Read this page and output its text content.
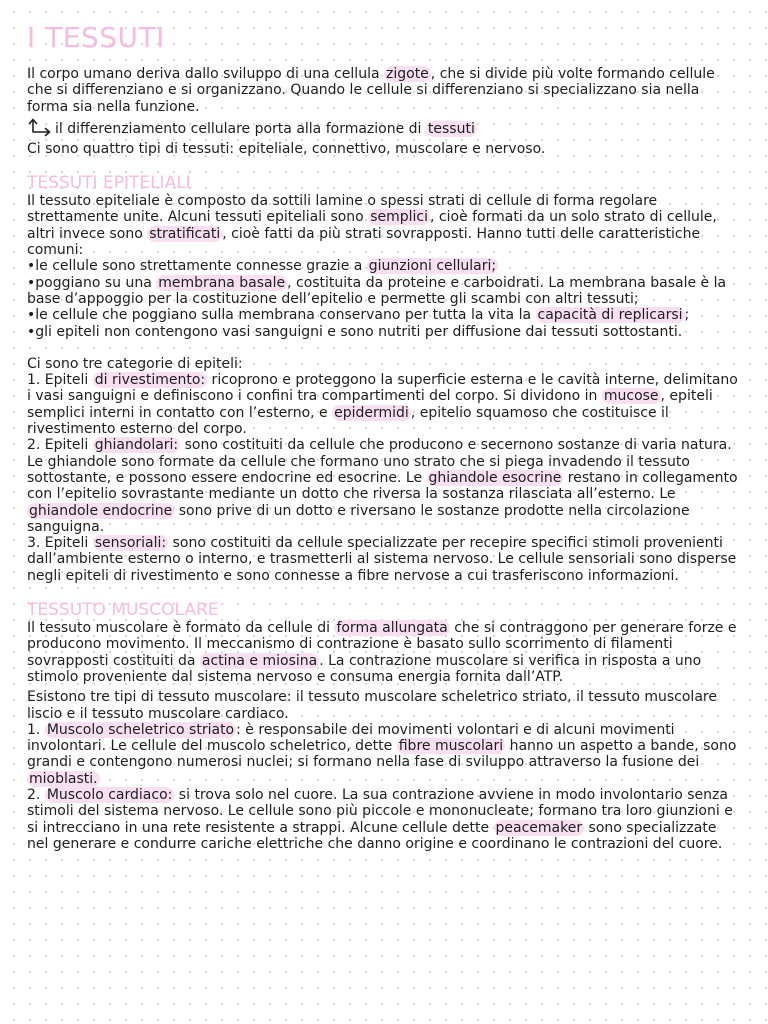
I TESSUTI

Il corpo umano deriva dallo sviluppo di una cellula zigote , che si divide più volte formando cellule che si differenziano e si organizzano. Quando le cellule si differenziano si specializzano sia nella forma sia nella funzione.

il differenziamento cellulare porta alla formazione di tessuti

Ci sono quattro tipi di tessuti: epiteliale, connettivo, muscolare e nervoso.

TESSUTI EPITELIALI

Il tessuto epiteliale è composto da sottili lamine o spessi strati di cellule di forma regolare strettamente unite. Alcuni tessuti epiteliali sono semplici , cioè formati da un solo strato di cellule, altri invece sono stratificati , cioè fatti da più strati sovrapposti. Hanno tutti delle caratteristiche comuni:

•le cellule sono strettamente connesse grazie a giunzioni cellulari;

•poggiano su una membrana basale , costituita da proteine e carboidrati. La membrana basale è la base d’appoggio per la costituzione dell’epitelio e permette gli scambi con altri tessuti;

•le cellule che poggiano sulla membrana conservano per tutta la vita la capacità di replicarsi ;

•gli epiteli non contengono vasi sanguigni e sono nutriti per diffusione dai tessuti sottostanti.

Ci sono tre categorie di epiteli:

1. Epiteli di rivestimento: ricoprono e proteggono la superficie esterna e le cavità interne, delimitano i vasi sanguigni e definiscono i confini tra compartimenti del corpo. Si dividono in mucose , epiteli semplici interni in contatto con l’esterno, e epidermidi , epitelio squamoso che costituisce il rivestimento esterno del corpo.

2. Epiteli ghiandolari: sono costituiti da cellule che producono e secernono sostanze di varia natura. Le ghiandole sono formate da cellule che formano uno strato che si piega invadendo il tessuto sottostante, e possono essere endocrine ed esocrine. Le ghiandole esocrine restano in collegamento con l’epitelio sovrastante mediante un dotto che riversa la sostanza rilasciata all’esterno. Le ghiandole endocrine sono prive di un dotto e riversano le sostanze prodotte nella circolazione sanguigna.

3. Epiteli sensoriali: sono costituiti da cellule specializzate per recepire specifici stimoli provenienti dall’ambiente esterno o interno, e trasmetterli al sistema nervoso. Le cellule sensoriali sono disperse negli epiteli di rivestimento e sono connesse a fibre nervose a cui trasferiscono informazioni.

TESSUTO MUSCOLARE

Il tessuto muscolare è formato da cellule di forma allungata che si contraggono per generare forze e producono movimento. Il meccanismo di contrazione è basato sullo scorrimento di filamenti sovrapposti costituiti da actina e miosina . La contrazione muscolare si verifica in risposta a uno stimolo proveniente dal sistema nervoso e consuma energia fornita dall’ATP.

Esistono tre tipi di tessuto muscolare: il tessuto muscolare scheletrico striato, il tessuto muscolare liscio e il tessuto muscolare cardiaco.

1. Muscolo scheletrico striato : è responsabile dei movimenti volontari e di alcuni movimenti involontari. Le cellule del muscolo scheletrico, dette fibre muscolari hanno un aspetto a bande, sono grandi e contengono numerosi nuclei; si formano nella fase di sviluppo attraverso la fusione dei mioblasti.

2. Muscolo cardiaco: si trova solo nel cuore. La sua contrazione avviene in modo involontario senza stimoli del sistema nervoso. Le cellule sono più piccole e mononucleate; formano tra loro giunzioni e si intrecciano in una rete resistente a strappi. Alcune cellule dette peacemaker sono specializzate nel generare e condurre cariche elettriche che danno origine e coordinano le contrazioni del cuore.
